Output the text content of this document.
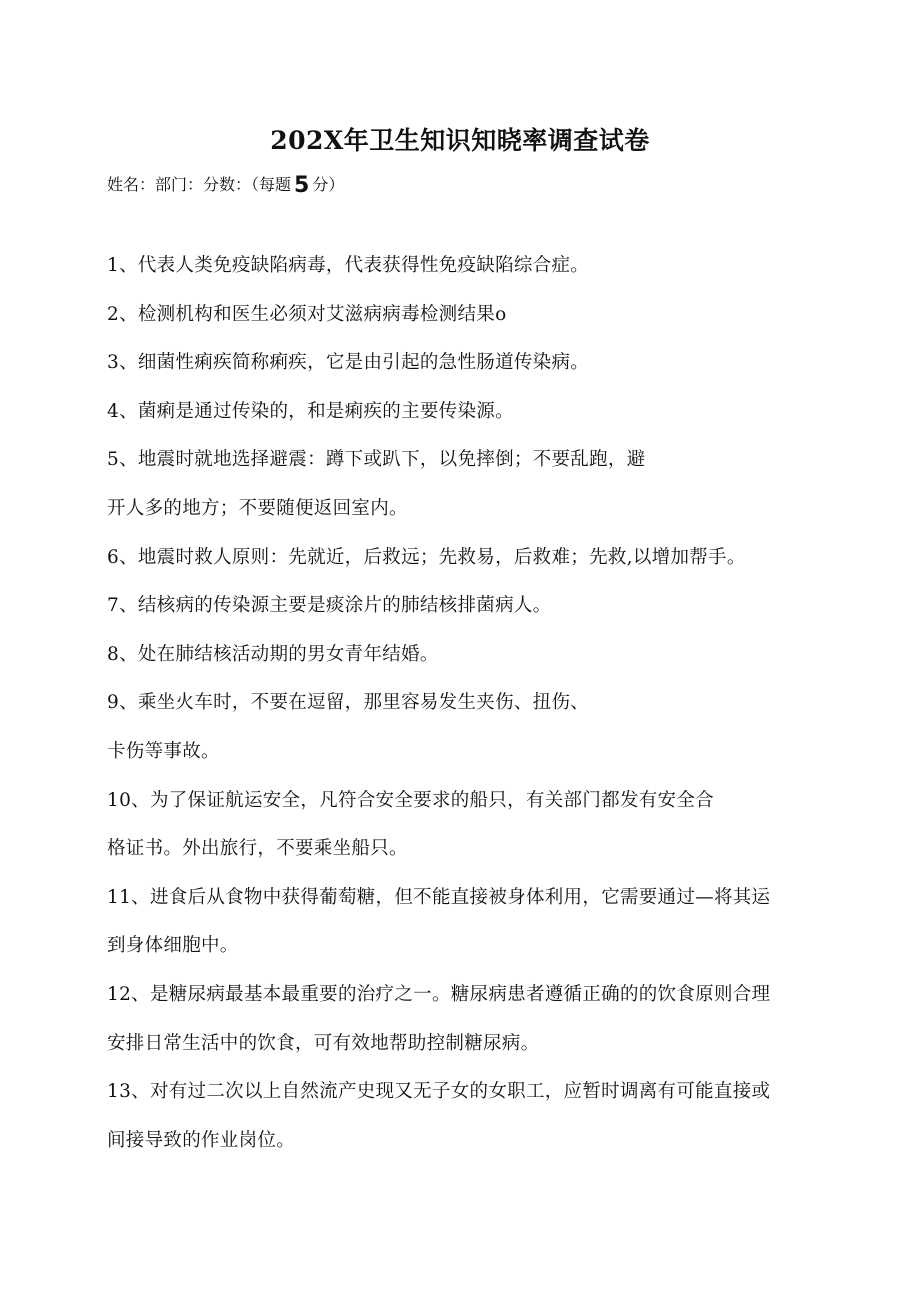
202X年卫生知识知晓率调查试卷
姓名：部门：分数：（每题 5 分）
1、代表人类免疫缺陷病毒，代表获得性免疫缺陷综合症。
2、检测机构和医生必须对艾滋病病毒检测结果o
3、细菌性痢疾简称痢疾，它是由引起的急性肠道传染病。
4、菌痢是通过传染的，和是痢疾的主要传染源。
5、地震时就地选择避震：蹲下或趴下，以免摔倒；不要乱跑，避
开人多的地方；不要随便返回室内。
6、地震时救人原则：先就近，后救远；先救易，后救难；先救,以增加帮手。
7、结核病的传染源主要是痰涂片的肺结核排菌病人。
8、处在肺结核活动期的男女青年结婚。
9、乘坐火车时，不要在逗留，那里容易发生夹伤、扭伤、
卡伤等事故。
10、为了保证航运安全，凡符合安全要求的船只，有关部门都发有安全合
格证书。外出旅行，不要乘坐船只。
11、进食后从食物中获得葡萄糖，但不能直接被身体利用，它需要通过—将其运
到身体细胞中。
12、是糖尿病最基本最重要的治疗之一。糖尿病患者遵循正确的的饮食原则合理
安排日常生活中的饮食，可有效地帮助控制糖尿病。
13、对有过二次以上自然流产史现又无子女的女职工，应暂时调离有可能直接或
间接导致的作业岗位。
